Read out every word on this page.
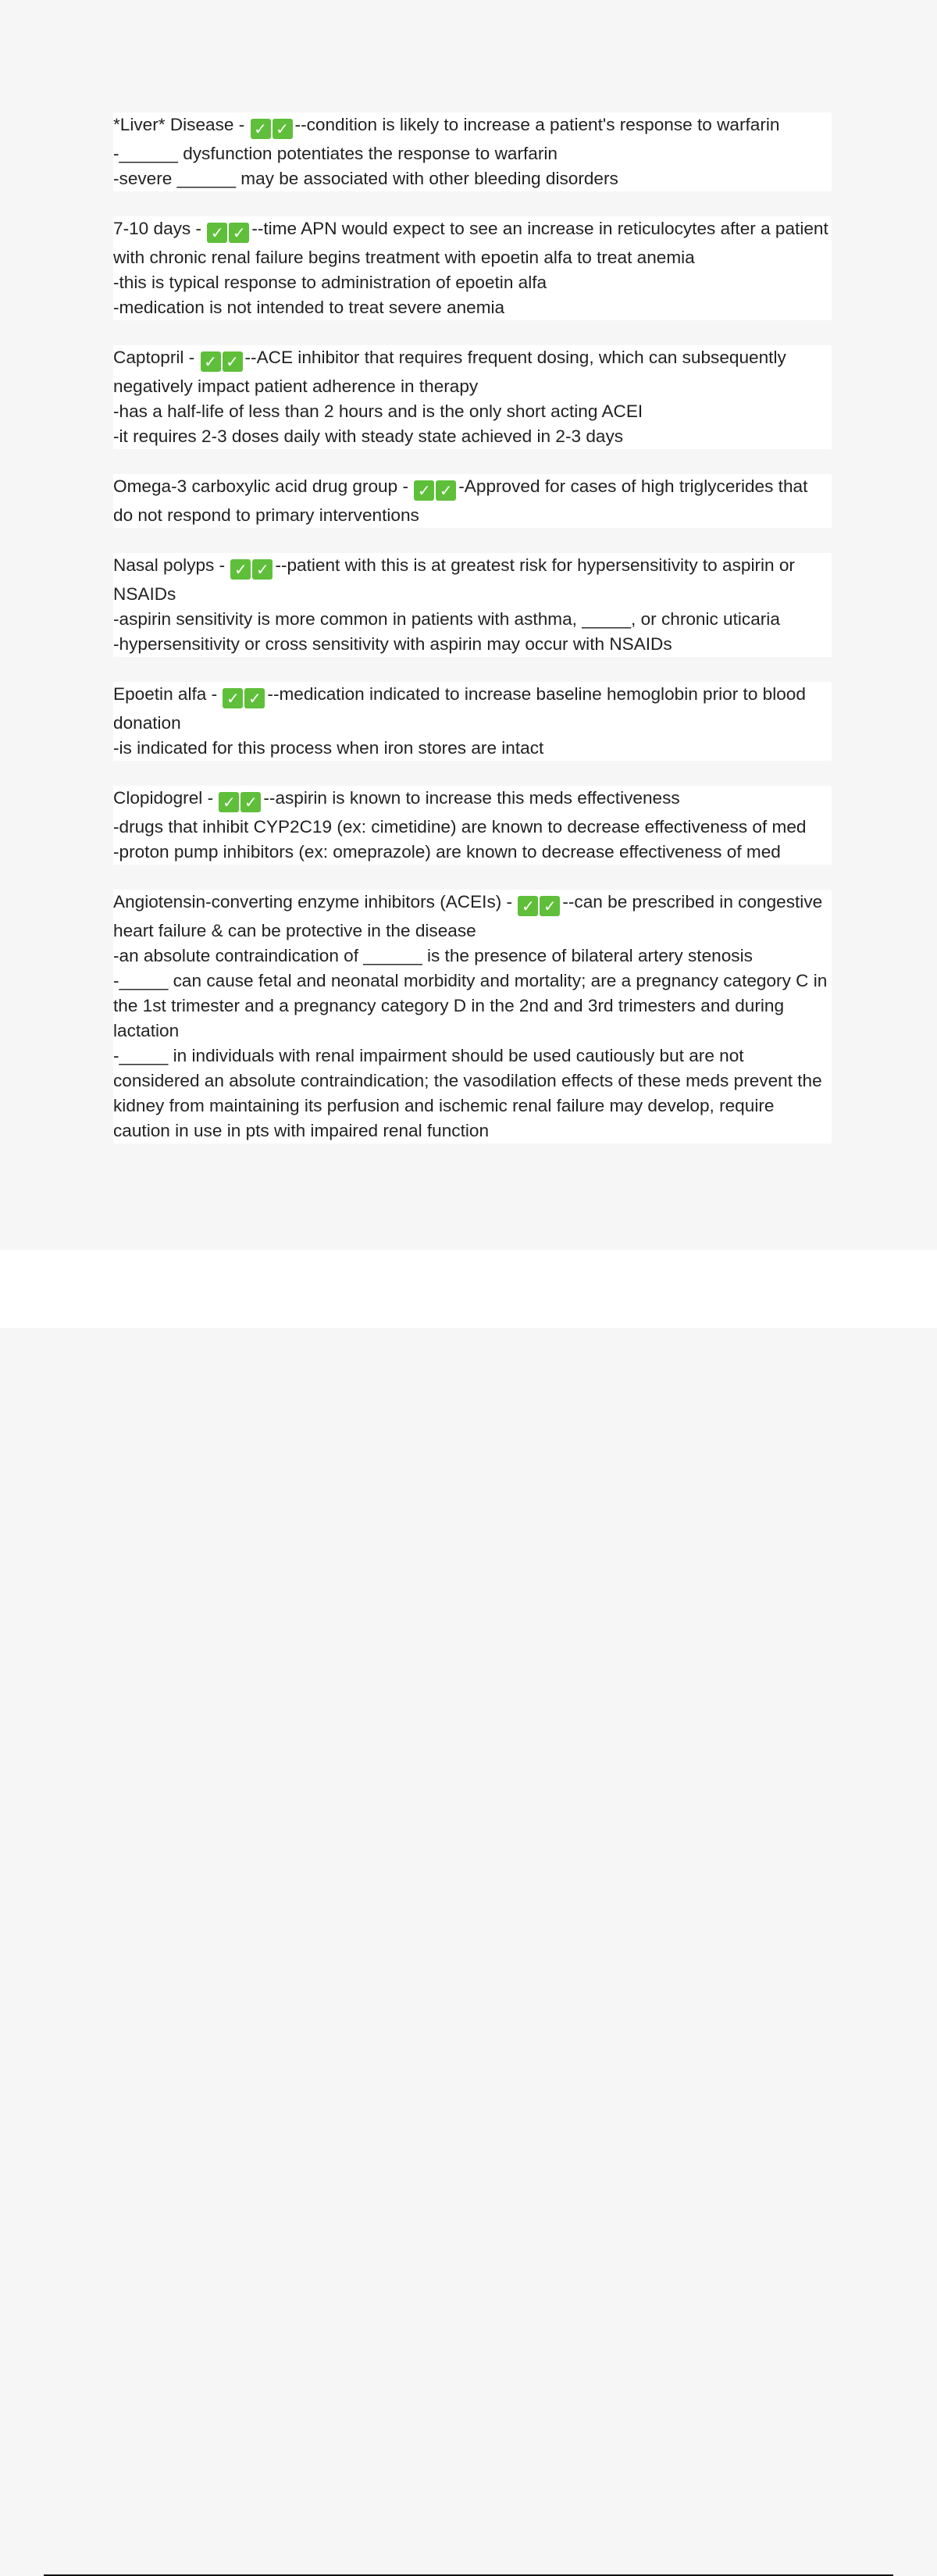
*Liver* Disease - ✓ ✓ --condition is likely to increase a patient's response to warfarin
-______ dysfunction potentiates the response to warfarin
-severe ______ may be associated with other bleeding disorders
7-10 days - ✓ ✓ --time APN would expect to see an increase in reticulocytes after a patient with chronic renal failure begins treatment with epoetin alfa to treat anemia
-this is typical response to administration of epoetin alfa
-medication is not intended to treat severe anemia
Captopril - ✓ ✓ --ACE inhibitor that requires frequent dosing, which can subsequently negatively impact patient adherence in therapy
-has a half-life of less than 2 hours and is the only short acting ACEI
-it requires 2-3 doses daily with steady state achieved in 2-3 days
Omega-3 carboxylic acid drug group - ✓ ✓ -Approved for cases of high triglycerides that do not respond to primary interventions
Nasal polyps - ✓ ✓ --patient with this is at greatest risk for hypersensitivity to aspirin or NSAIDs
-aspirin sensitivity is more common in patients with asthma, _____, or chronic uticaria
-hypersensitivity or cross sensitivity with aspirin may occur with NSAIDs
Epoetin alfa - ✓ ✓ --medication indicated to increase baseline hemoglobin prior to blood donation
-is indicated for this process when iron stores are intact
Clopidogrel - ✓ ✓ --aspirin is known to increase this meds effectiveness
-drugs that inhibit CYP2C19 (ex: cimetidine) are known to decrease effectiveness of med
-proton pump inhibitors (ex: omeprazole) are known to decrease effectiveness of med
Angiotensin-converting enzyme inhibitors (ACEIs) - ✓ ✓ --can be prescribed in congestive heart failure & can be protective in the disease
-an absolute contraindication of ______ is the presence of bilateral artery stenosis
-_____ can cause fetal and neonatal morbidity and mortality; are a pregnancy category C in the 1st trimester and a pregnancy category D in the 2nd and 3rd trimesters and during lactation
-_____ in individuals with renal impairment should be used cautiously but are not considered an absolute contraindication; the vasodilation effects of these meds prevent the kidney from maintaining its perfusion and ischemic renal failure may develop, require caution in use in pts with impaired renal function
